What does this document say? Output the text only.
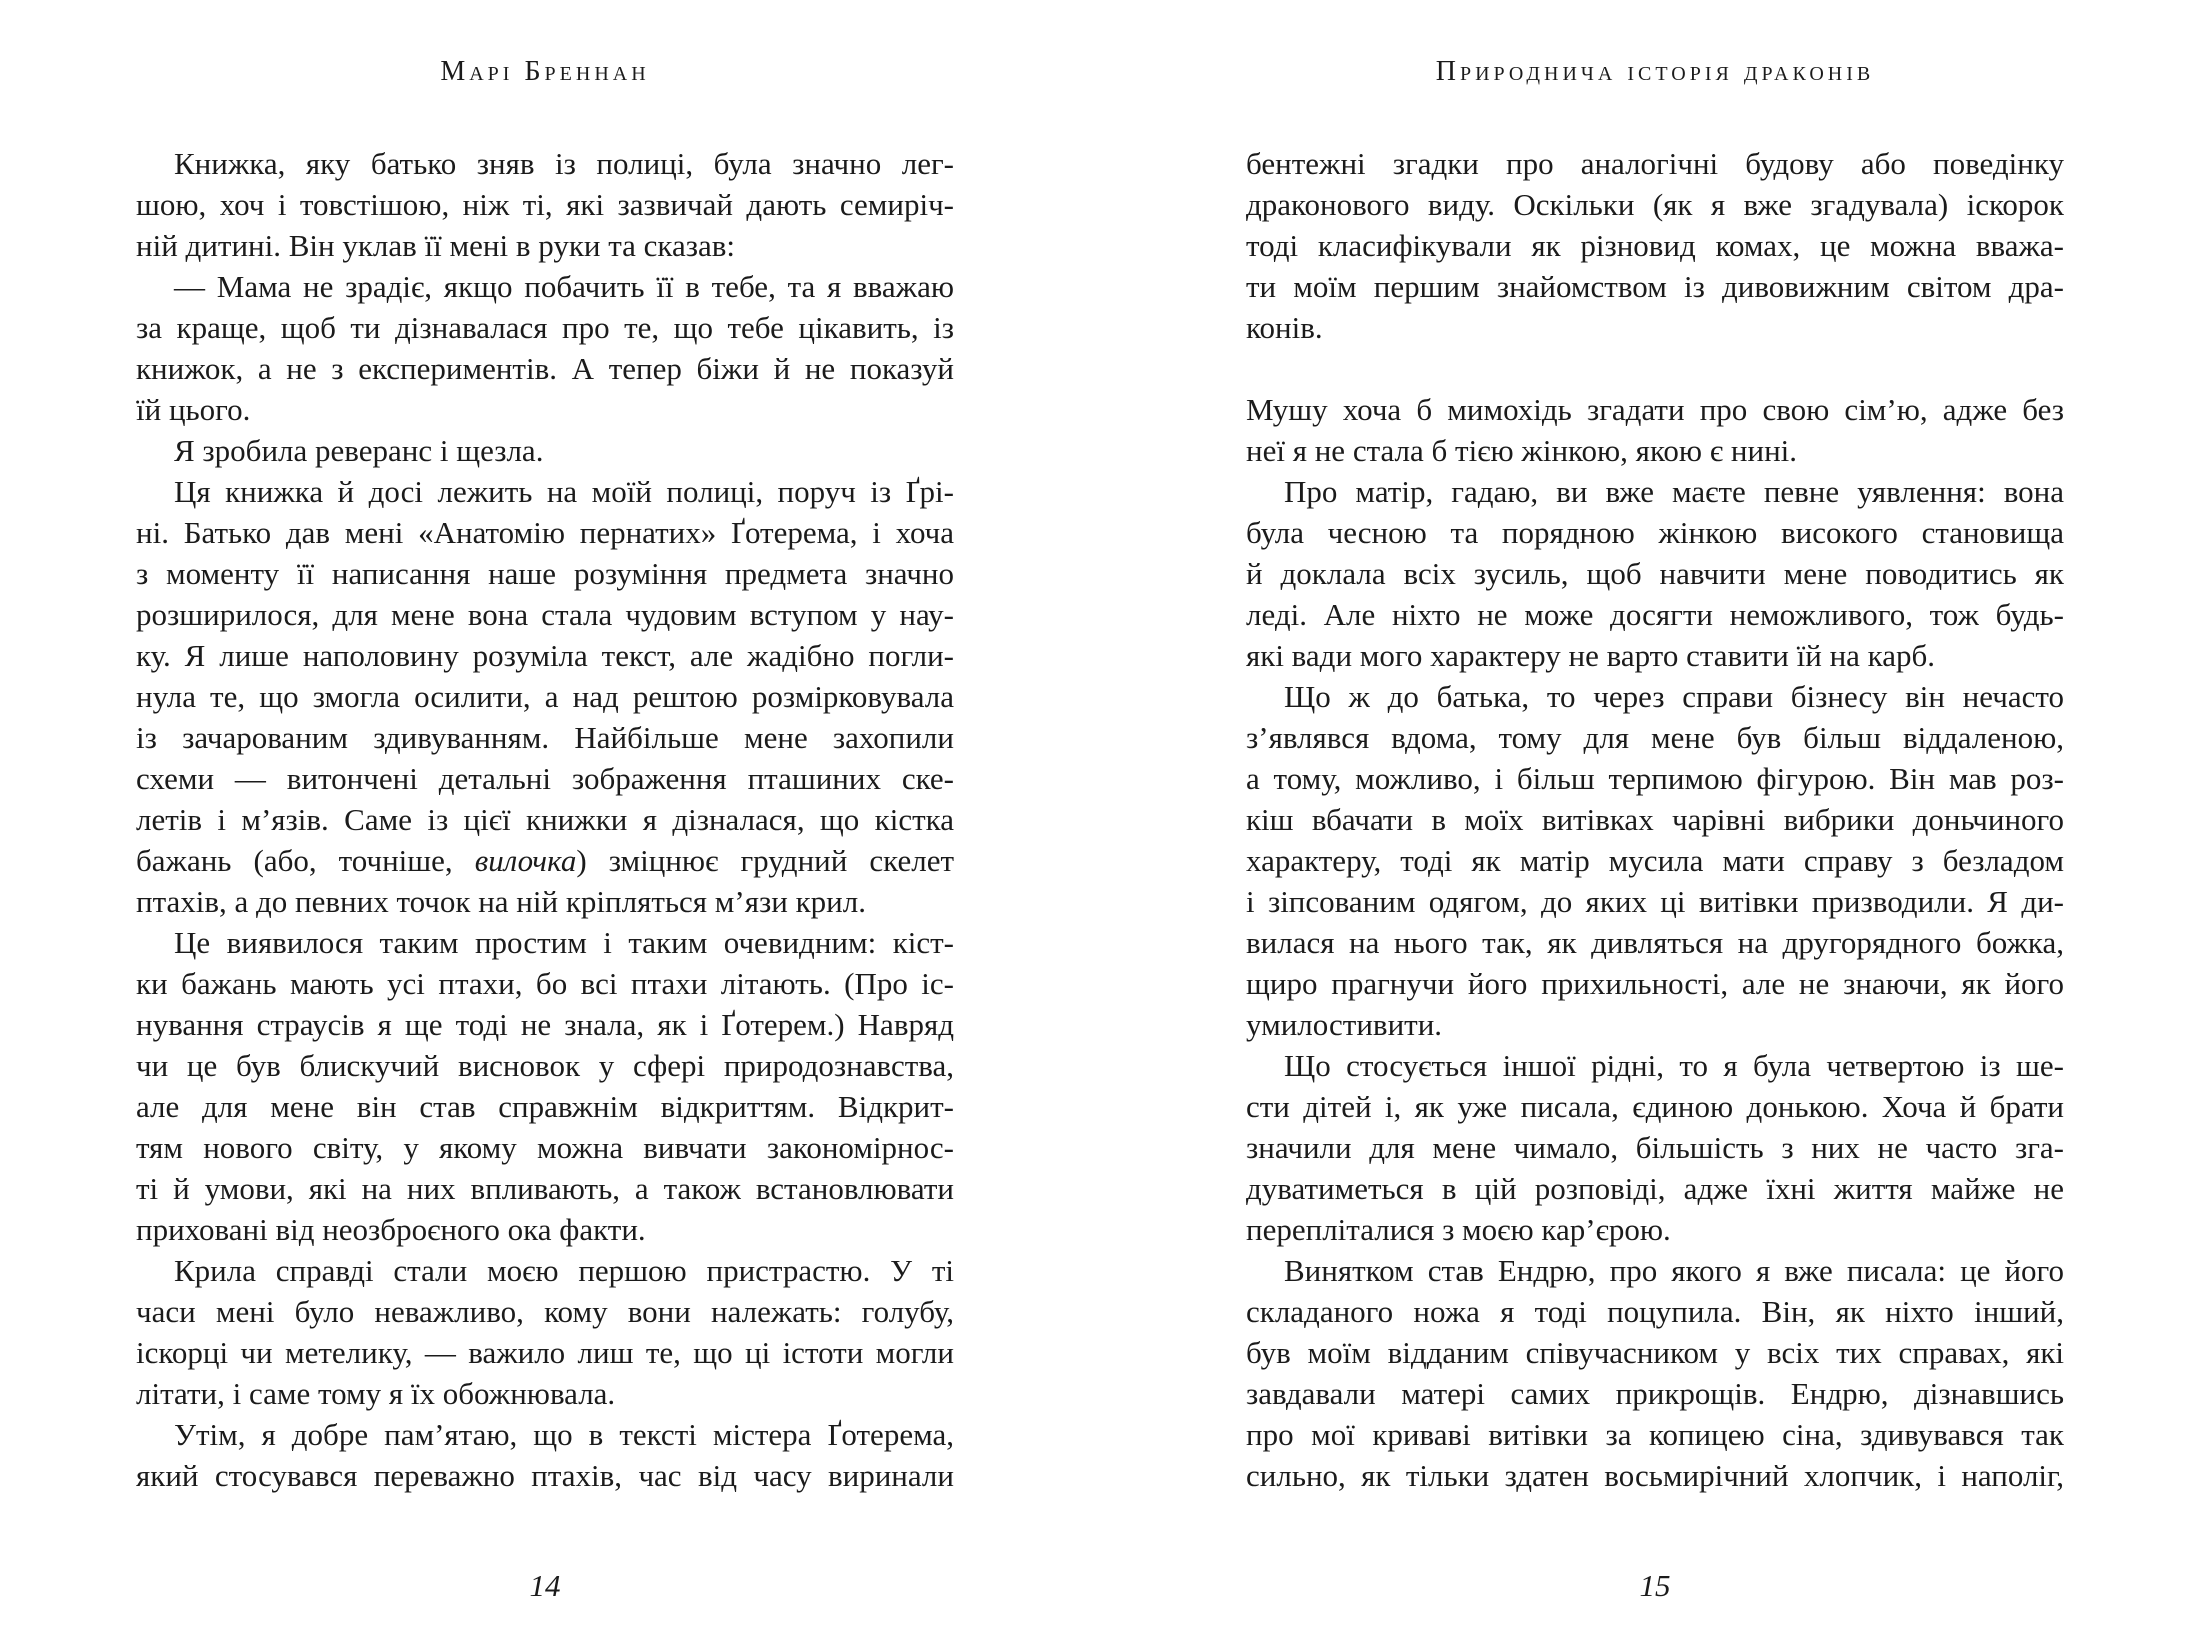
Марі Бреннан
Книжка, яку батько зняв із полиці, була значно лег-
шою, хоч і товстішою, ніж ті, які зазвичай дають семиріч-
ній дитині. Він уклав її мені в руки та сказав:
— Мама не зрадіє, якщо побачить її в тебе, та я вважаю
за краще, щоб ти дізнавалася про те, що тебе цікавить, із
книжок, а не з експериментів. А тепер біжи й не показуй
їй цього.
Я зробила реверанс і щезла.
Ця книжка й досі лежить на моїй полиці, поруч із Ґрі-
ні. Батько дав мені «Анатомію пернатих» Ґотерема, і хоча
з моменту її написання наше розуміння предмета значно
розширилося, для мене вона стала чудовим вступом у нау-
ку. Я лише наполовину розуміла текст, але жадібно погли-
нула те, що змогла осилити, а над рештою розмірковувала
із зачарованим здивуванням. Найбільше мене захопили
схеми — витончені детальні зображення пташиних ске-
летів і м’язів. Саме із цієї книжки я дізналася, що кістка
бажань (або, точніше, вилочка) зміцнює грудний скелет
птахів, а до певних точок на ній кріпляться м’язи крил.
Це виявилося таким простим і таким очевидним: кіст-
ки бажань мають усі птахи, бо всі птахи літають. (Про іс-
нування страусів я ще тоді не знала, як і Ґотерем.) Навряд
чи це був блискучий висновок у сфері природознавства,
але для мене він став справжнім відкриттям. Відкрит-
тям нового світу, у якому можна вивчати закономірнос-
ті й умови, які на них впливають, а також встановлювати
приховані від неозброєного ока факти.
Крила справді стали моєю першою пристрастю. У ті
часи мені було неважливо, кому вони належать: голубу,
іскорці чи метелику, — важило лиш те, що ці істоти могли
літати, і саме тому я їх обожнювала.
Утім, я добре пам’ятаю, що в тексті містера Ґотерема,
який стосувався переважно птахів, час від часу виринали
14
Природнича історія драконів
бентежні згадки про аналогічні будову або поведінку
драконового виду. Оскільки (як я вже згадувала) іскорок
тоді класифікували як різновид комах, це можна вважа-
ти моїм першим знайомством із дивовижним світом дра-
конів.
Мушу хоча б мимохідь згадати про свою сім’ю, адже без
неї я не стала б тією жінкою, якою є нині.
Про матір, гадаю, ви вже маєте певне уявлення: вона
була чесною та порядною жінкою високого становища
й доклала всіх зусиль, щоб навчити мене поводитись як
леді. Але ніхто не може досягти неможливого, тож будь-
які вади мого характеру не варто ставити їй на карб.
Що ж до батька, то через справи бізнесу він нечасто
з’являвся вдома, тому для мене був більш віддаленою,
а тому, можливо, і більш терпимою фігурою. Він мав роз-
кіш вбачати в моїх витівках чарівні вибрики доньчиного
характеру, тоді як матір мусила мати справу з безладом
і зіпсованим одягом, до яких ці витівки призводили. Я ди-
вилася на нього так, як дивляться на другорядного божка,
щиро прагнучи його прихильності, але не знаючи, як його
умилостивити.
Що стосується іншої рідні, то я була четвертою із ше-
сти дітей і, як уже писала, єдиною донькою. Хоча й брати
значили для мене чимало, більшість з них не часто зга-
дуватиметься в цій розповіді, адже їхні життя майже не
перепліталися з моєю кар’єрою.
Винятком став Ендрю, про якого я вже писала: це його
складаного ножа я тоді поцупила. Він, як ніхто інший,
був моїм відданим співучасником у всіх тих справах, які
завдавали матері самих прикрощів. Ендрю, дізнавшись
про мої криваві витівки за копицею сіна, здивувався так
сильно, як тільки здатен восьмирічний хлопчик, і наполіг,
15
